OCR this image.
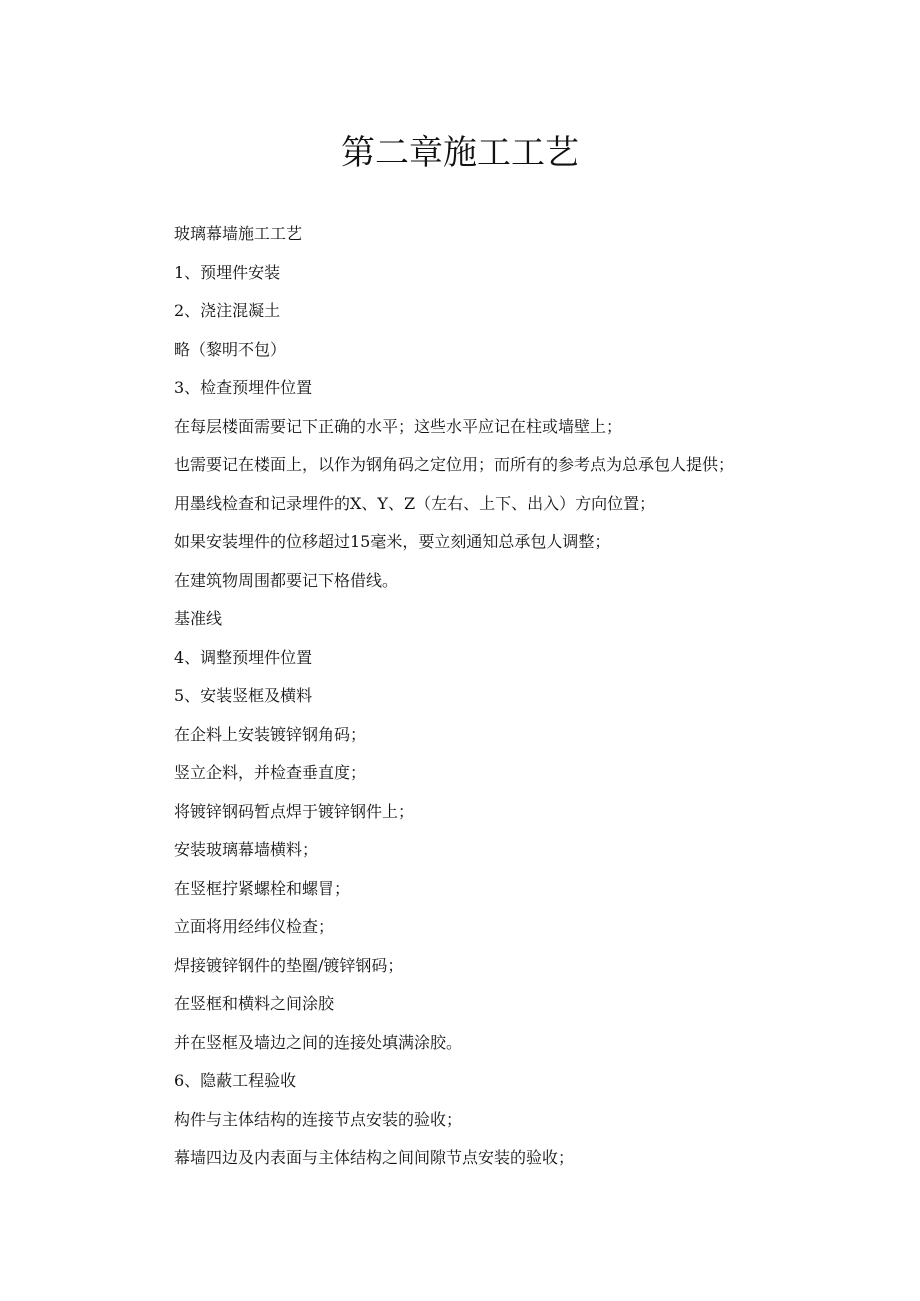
第二章施工工艺

玻璃幕墙施工工艺

1、预埋件安装

2、浇注混凝土

略（黎明不包）

3、检查预埋件位置

在每层楼面需要记下正确的水平；这些水平应记在柱或墙壁上；

也需要记在楼面上，以作为钢角码之定位用；而所有的参考点为总承包人提供；

用墨线检查和记录埋件的X、Y、Z（左右、上下、出入）方向位置；

如果安装埋件的位移超过15毫米，要立刻通知总承包人调整；

在建筑物周围都要记下格借线。

基准线

4、调整预埋件位置

5、安装竖框及横料

在企料上安装镀锌钢角码；

竖立企料，并检查垂直度；

将镀锌钢码暂点焊于镀锌钢件上；

安装玻璃幕墙横料；

在竖框拧紧螺栓和螺冒；

立面将用经纬仪检查；

焊接镀锌钢件的垫圈/镀锌钢码；

在竖框和横料之间涂胶

并在竖框及墙边之间的连接处填满涂胶。

6、隐蔽工程验收

构件与主体结构的连接节点安装的验收；

幕墙四边及内表面与主体结构之间间隙节点安装的验收；
